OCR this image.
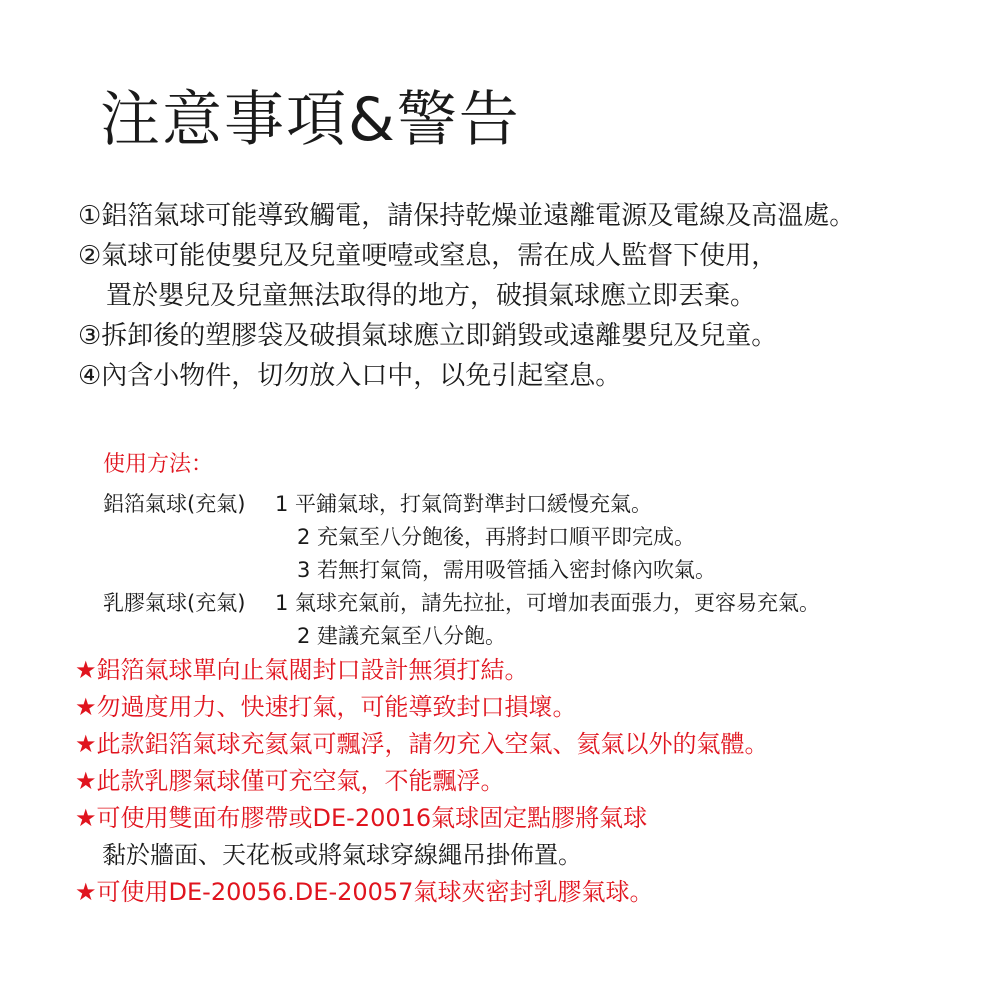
注意事項&警告
①鋁箔氣球可能導致觸電，請保持乾燥並遠離電源及電線及高溫處。
②氣球可能使嬰兒及兒童哽噎或窒息，需在成人監督下使用，
置於嬰兒及兒童無法取得的地方，破損氣球應立即丟棄。
③拆卸後的塑膠袋及破損氣球應立即銷毀或遠離嬰兒及兒童。
④內含小物件，切勿放入口中，以免引起窒息。
使用方法：
鋁箔氣球(充氣) 1 平鋪氣球，打氣筒對準封口緩慢充氣。
2 充氣至八分飽後，再將封口順平即完成。
3 若無打氣筒，需用吸管插入密封條內吹氣。
乳膠氣球(充氣) 1 氣球充氣前，請先拉扯，可增加表面張力，更容易充氣。
2 建議充氣至八分飽。
★鋁箔氣球單向止氣閥封口設計無須打結。
★勿過度用力、快速打氣，可能導致封口損壞。
★此款鋁箔氣球充氦氣可飄浮，請勿充入空氣、氦氣以外的氣體。
★此款乳膠氣球僅可充空氣，不能飄浮。
★可使用雙面布膠帶或DE-20016氣球固定點膠將氣球
黏於牆面、天花板或將氣球穿線繩吊掛佈置。
★可使用DE-20056.DE-20057氣球夾密封乳膠氣球。
